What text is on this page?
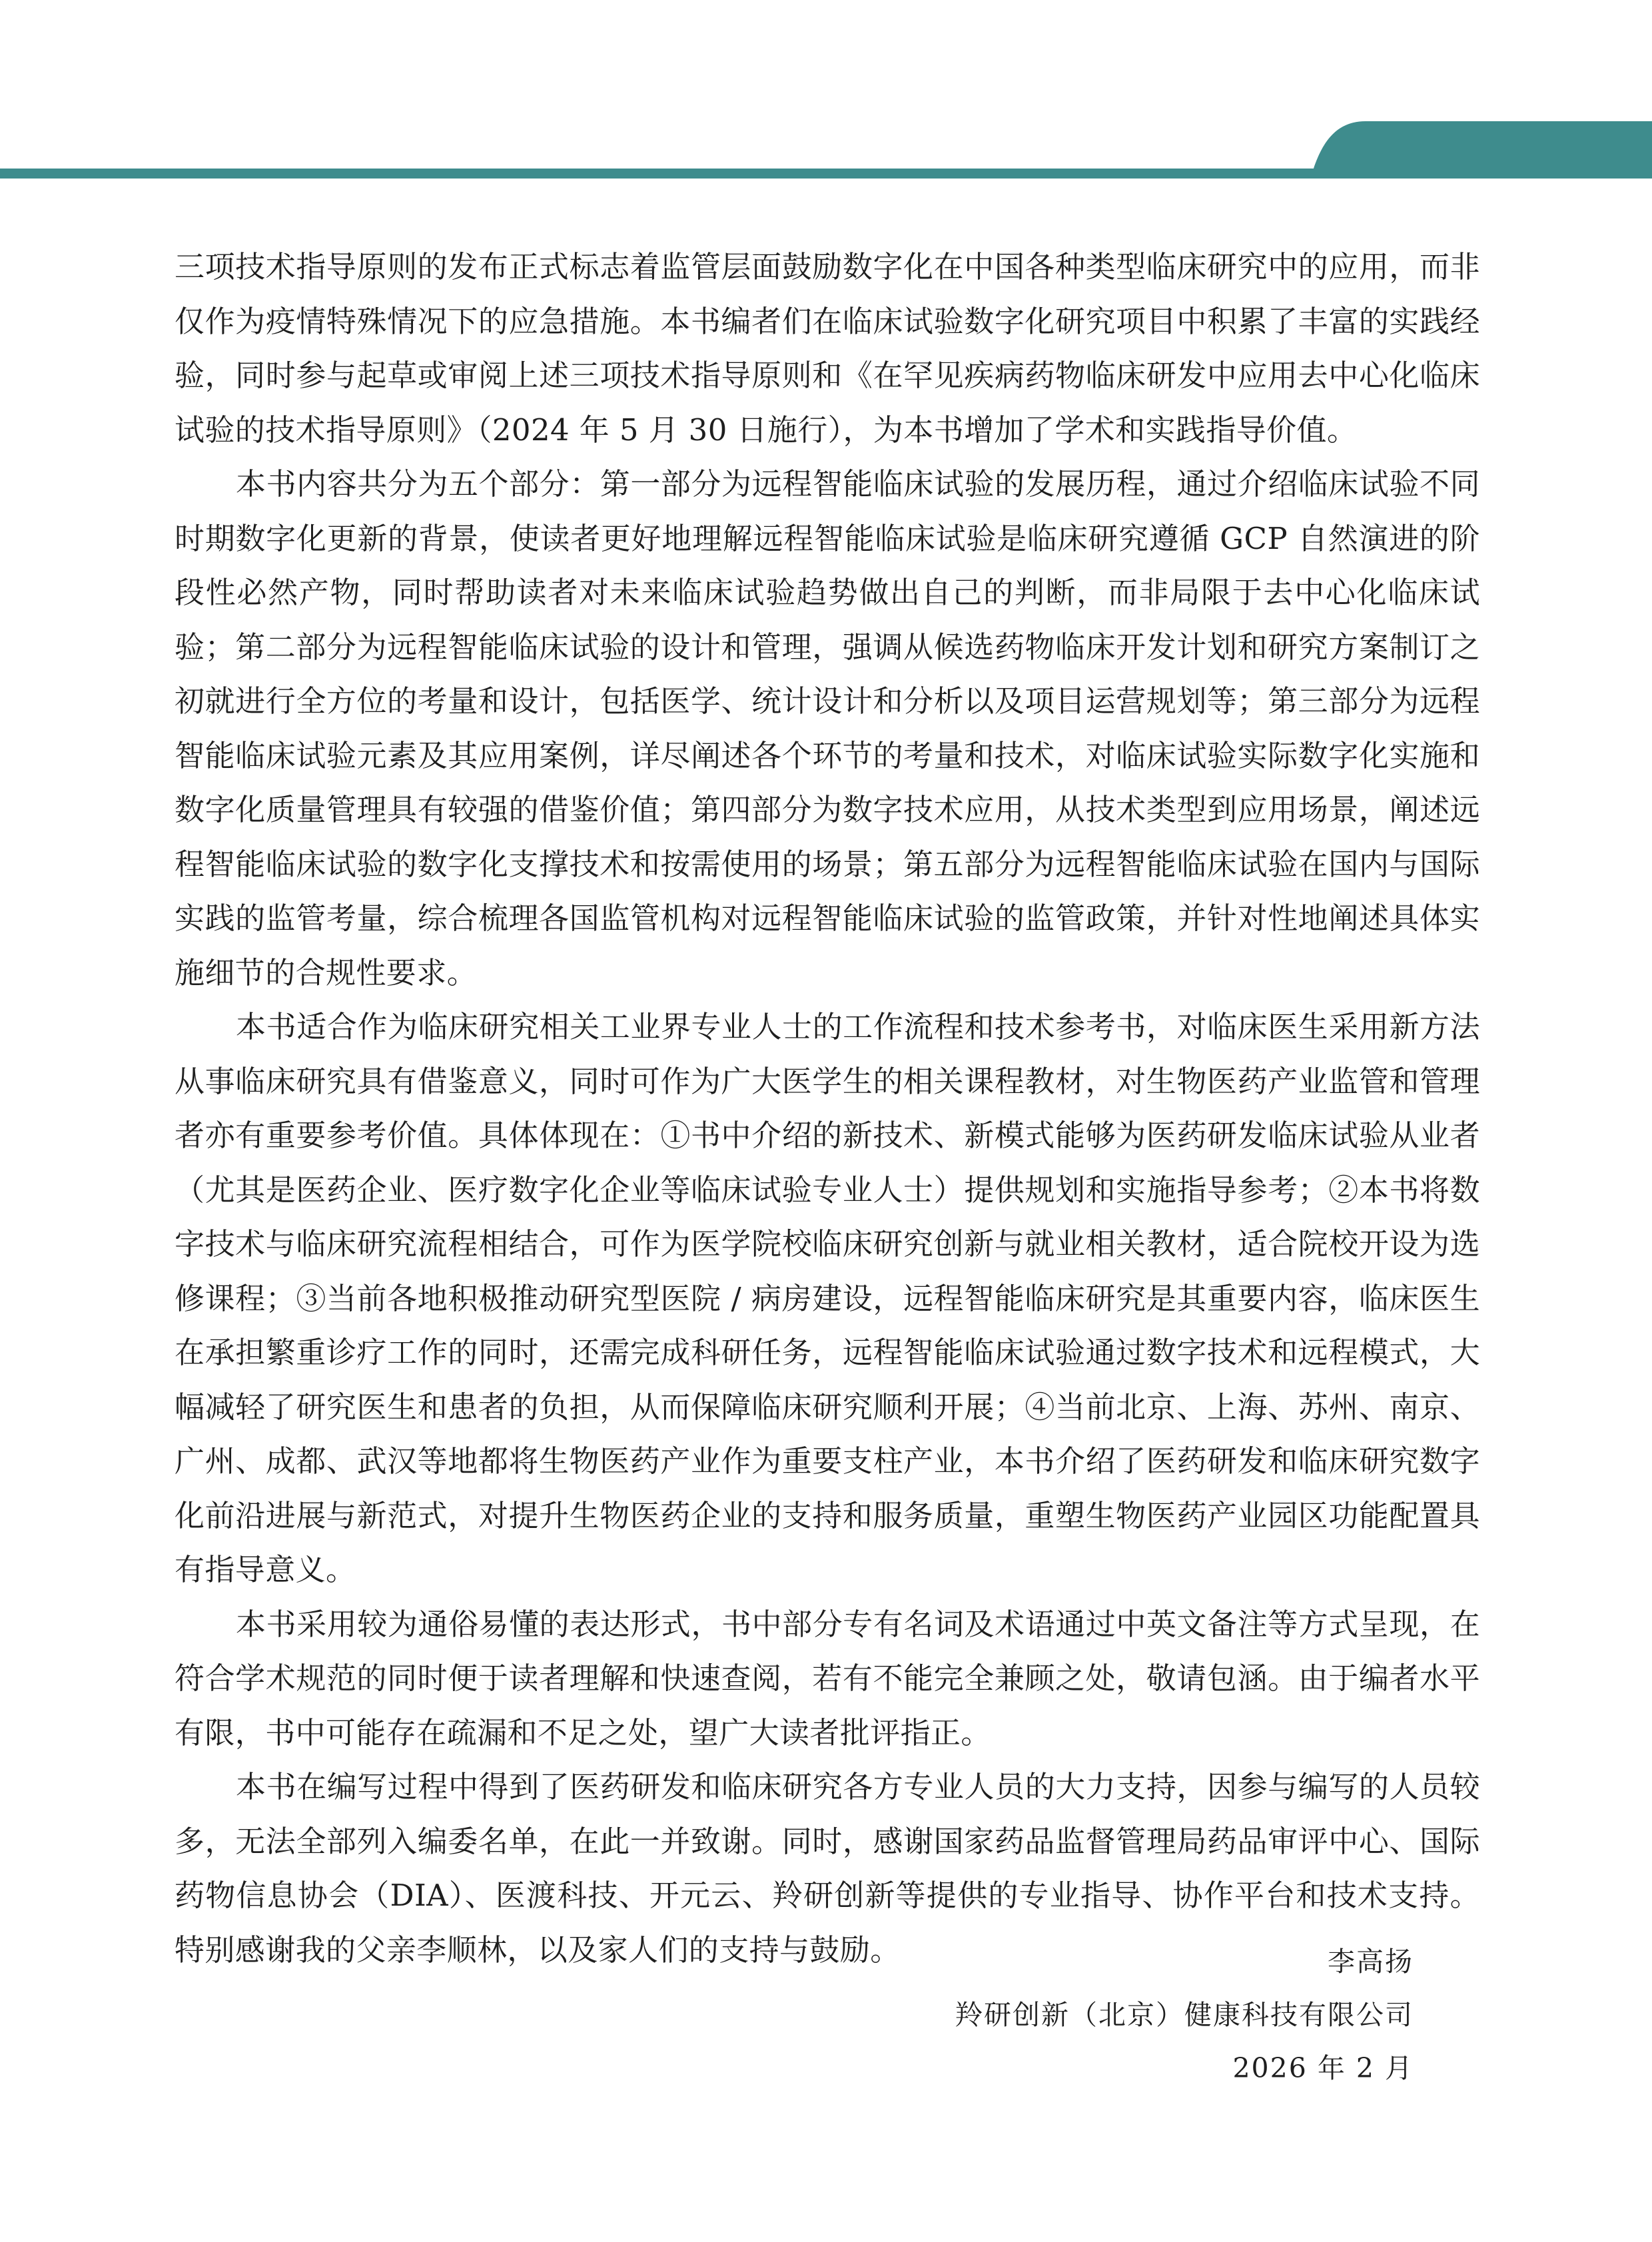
三项技术指导原则的发布正式标志着监管层面鼓励数字化在中国各种类型临床研究中的应用，而非仅作为疫情特殊情况下的应急措施。本书编者们在临床试验数字化研究项目中积累了丰富的实践经验，同时参与起草或审阅上述三项技术指导原则和《在罕见疾病药物临床研发中应用去中心化临床试验的技术指导原则》（2024 年 5 月 30 日施行），为本书增加了学术和实践指导价值。

本书内容共分为五个部分：第一部分为远程智能临床试验的发展历程，通过介绍临床试验不同时期数字化更新的背景，使读者更好地理解远程智能临床试验是临床研究遵循 GCP 自然演进的阶段性必然产物，同时帮助读者对未来临床试验趋势做出自己的判断，而非局限于去中心化临床试验；第二部分为远程智能临床试验的设计和管理，强调从候选药物临床开发计划和研究方案制订之初就进行全方位的考量和设计，包括医学、统计设计和分析以及项目运营规划等；第三部分为远程智能临床试验元素及其应用案例，详尽阐述各个环节的考量和技术，对临床试验实际数字化实施和数字化质量管理具有较强的借鉴价值；第四部分为数字技术应用，从技术类型到应用场景，阐述远程智能临床试验的数字化支撑技术和按需使用的场景；第五部分为远程智能临床试验在国内与国际实践的监管考量，综合梳理各国监管机构对远程智能临床试验的监管政策，并针对性地阐述具体实施细节的合规性要求。

本书适合作为临床研究相关工业界专业人士的工作流程和技术参考书，对临床医生采用新方法从事临床研究具有借鉴意义，同时可作为广大医学生的相关课程教材，对生物医药产业监管和管理者亦有重要参考价值。具体体现在：①书中介绍的新技术、新模式能够为医药研发临床试验从业者（尤其是医药企业、医疗数字化企业等临床试验专业人士）提供规划和实施指导参考；②本书将数字技术与临床研究流程相结合，可作为医学院校临床研究创新与就业相关教材，适合院校开设为选修课程；③当前各地积极推动研究型医院 / 病房建设，远程智能临床研究是其重要内容，临床医生在承担繁重诊疗工作的同时，还需完成科研任务，远程智能临床试验通过数字技术和远程模式，大幅减轻了研究医生和患者的负担，从而保障临床研究顺利开展；④当前北京、上海、苏州、南京、广州、成都、武汉等地都将生物医药产业作为重要支柱产业，本书介绍了医药研发和临床研究数字化前沿进展与新范式，对提升生物医药企业的支持和服务质量，重塑生物医药产业园区功能配置具有指导意义。

本书采用较为通俗易懂的表达形式，书中部分专有名词及术语通过中英文备注等方式呈现，在符合学术规范的同时便于读者理解和快速查阅，若有不能完全兼顾之处，敬请包涵。由于编者水平有限，书中可能存在疏漏和不足之处，望广大读者批评指正。

本书在编写过程中得到了医药研发和临床研究各方专业人员的大力支持，因参与编写的人员较多，无法全部列入编委名单，在此一并致谢。同时，感谢国家药品监督管理局药品审评中心、国际药物信息协会（DIA）、医渡科技、开元云、羚研创新等提供的专业指导、协作平台和技术支持。特别感谢我的父亲李顺林，以及家人们的支持与鼓励。	李高扬
羚研创新（北京）健康科技有限公司
2026 年 2 月
